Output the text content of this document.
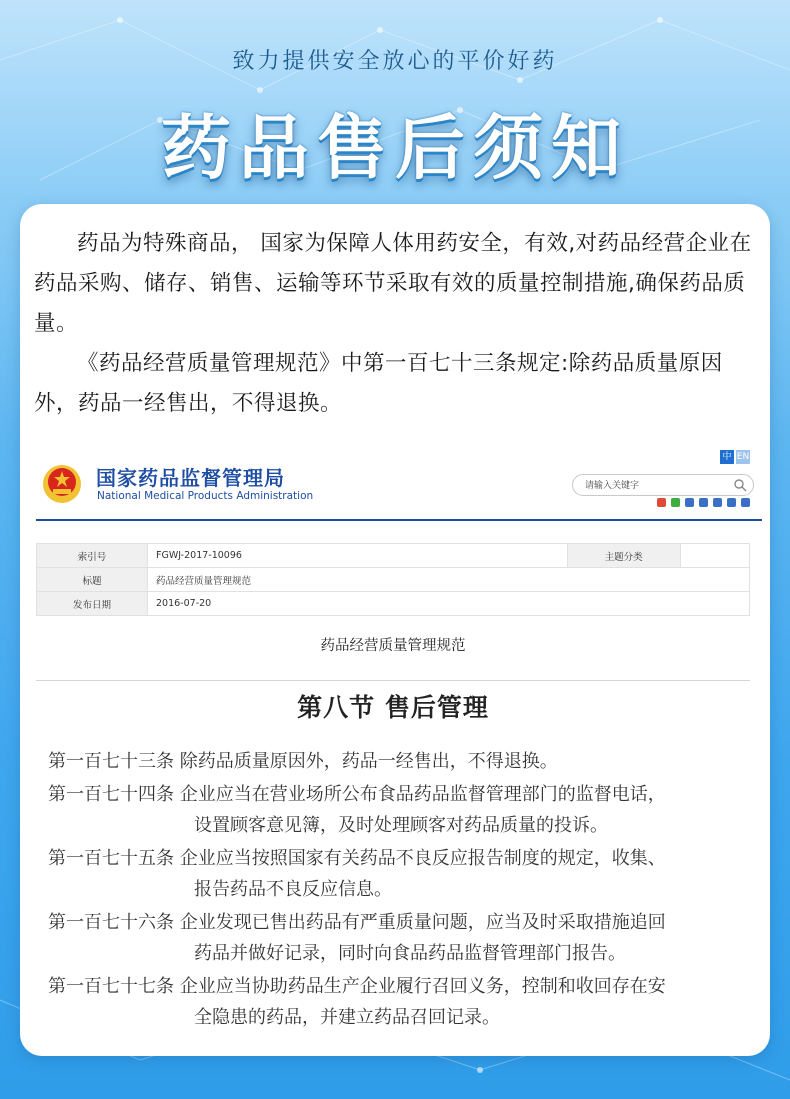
致力提供安全放心的平价好药
药品售后须知

药品为特殊商品， 国家为保障人体用药安全，有效,对药品经营企业在药品采购、储存、销售、运输等环节采取有效的质量控制措施,确保药品质量。

《药品经营质量管理规范》中第一百七十三条规定:除药品质量原因外，药品一经售出，不得退换。

国家药品监督管理局
National Medical Products Administration
中 EN
请输入关键字
索引号	FGWJ-2017-10096	主题分类	
标题	药品经营质量管理规范		
发布日期	2016-07-20		
药品经营质量管理规范
第八节 售后管理
第一百七十三条 除药品质量原因外，药品一经售出，不得退换。
第一百七十四条 企业应当在营业场所公布食品药品监督管理部门的监督电话，
设置顾客意见簿，及时处理顾客对药品质量的投诉。
第一百七十五条 企业应当按照国家有关药品不良反应报告制度的规定，收集、
报告药品不良反应信息。
第一百七十六条 企业发现已售出药品有严重质量问题，应当及时采取措施追回
药品并做好记录，同时向食品药品监督管理部门报告。
第一百七十七条 企业应当协助药品生产企业履行召回义务，控制和收回存在安
全隐患的药品，并建立药品召回记录。
